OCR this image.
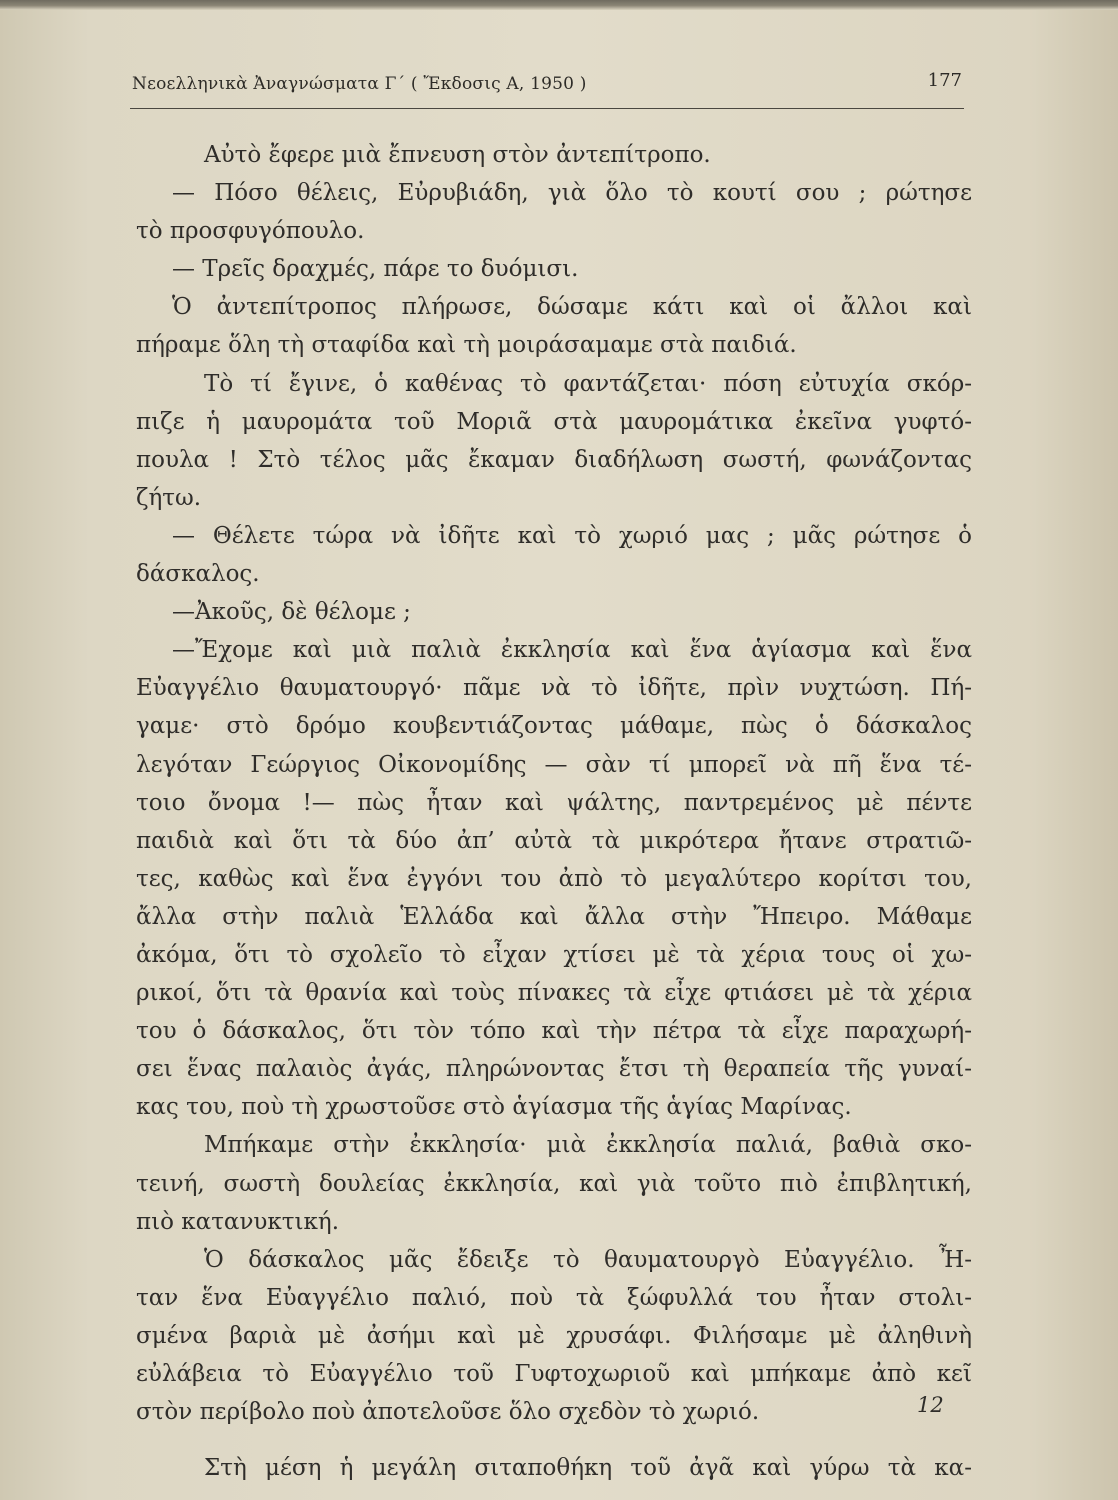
Νεοελληνικὰ Ἀναγνώσματα Γ΄ ( Ἔκδοσις Α, 1950 )	177
Αὐτὸ ἔφερε μιὰ ἔπνευση στὸν ἀντεπίτροπο.
— Πόσο θέλεις, Εὐρυβιάδη, γιὰ ὅλο τὸ κουτί σου ; ρώτησε
τὸ προσφυγόπουλο.
— Τρεῖς δραχμές, πάρε το δυόμισι.
Ὁ ἀντεπίτροπος πλήρωσε, δώσαμε κάτι καὶ οἱ ἄλλοι καὶ
πήραμε ὅλη τὴ σταφίδα καὶ τὴ μοιράσαμαμε στὰ παιδιά.
Τὸ τί ἔγινε, ὁ καθένας τὸ φαντάζεται· πόση εὐτυχία σκόρ-
πιζε ἡ μαυρομάτα τοῦ Μοριᾶ στὰ μαυρομάτικα ἐκεῖνα γυφτό-
πουλα ! Στὸ τέλος μᾶς ἔκαμαν διαδήλωση σωστή, φωνάζοντας
ζήτω.
— Θέλετε τώρα νὰ ἰδῆτε καὶ τὸ χωριό μας ; μᾶς ρώτησε ὁ
δάσκαλος.
—Ἀκοῦς, δὲ θέλομε ;
—Ἔχομε καὶ μιὰ παλιὰ ἐκκλησία καὶ ἕνα ἁγίασμα καὶ ἕνα
Εὐαγγέλιο θαυματουργό· πᾶμε νὰ τὸ ἰδῆτε, πρὶν νυχτώση. Πή-
γαμε· στὸ δρόμο κουβεντιάζοντας μάθαμε, πὼς ὁ δάσκαλος
λεγόταν Γεώργιος Οἰκονομίδης — σὰν τί μπορεῖ νὰ πῆ ἕνα τέ-
τοιο ὄνομα !— πὼς ἦταν καὶ ψάλτης, παντρεμένος μὲ πέντε
παιδιὰ καὶ ὅτι τὰ δύο ἀπ’ αὐτὰ τὰ μικρότερα ἤτανε στρατιῶ-
τες, καθὼς καὶ ἕνα ἐγγόνι του ἀπὸ τὸ μεγαλύτερο κορίτσι του,
ἄλλα στὴν παλιὰ Ἑλλάδα καὶ ἄλλα στὴν Ἤπειρο. Μάθαμε
ἀκόμα, ὅτι τὸ σχολεῖο τὸ εἶχαν χτίσει μὲ τὰ χέρια τους οἱ χω-
ρικοί, ὅτι τὰ θρανία καὶ τοὺς πίνακες τὰ εἶχε φτιάσει μὲ τὰ χέρια
του ὁ δάσκαλος, ὅτι τὸν τόπο καὶ τὴν πέτρα τὰ εἶχε παραχωρή-
σει ἕνας παλαιὸς ἀγάς, πληρώνοντας ἔτσι τὴ θεραπεία τῆς γυναί-
κας του, ποὺ τὴ χρωστοῦσε στὸ ἁγίασμα τῆς ἁγίας Μαρίνας.
Μπήκαμε στὴν ἐκκλησία· μιὰ ἐκκλησία παλιά, βαθιὰ σκο-
τεινή, σωστὴ δουλείας ἐκκλησία, καὶ γιὰ τοῦτο πιὸ ἐπιβλητική,
πιὸ κατανυκτική.
Ὁ δάσκαλος μᾶς ἔδειξε τὸ θαυματουργὸ Εὐαγγέλιο. Ἦ-
ταν ἕνα Εὐαγγέλιο παλιό, ποὺ τὰ ξώφυλλά του ἦταν στολι-
σμένα βαριὰ μὲ ἀσήμι καὶ μὲ χρυσάφι. Φιλήσαμε μὲ ἀληθινὴ
εὐλάβεια τὸ Εὐαγγέλιο τοῦ Γυφτοχωριοῦ καὶ μπήκαμε ἀπὸ κεῖ
στὸν περίβολο ποὺ ἀποτελοῦσε ὅλο σχεδὸν τὸ χωριό.
Στὴ μέση ἡ μεγάλη σιταποθήκη τοῦ ἀγᾶ καὶ γύρω τὰ κα-
12
